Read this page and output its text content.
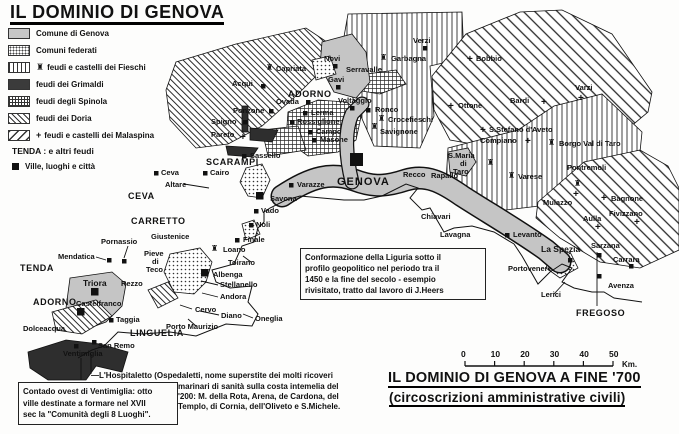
♜
♜
+
♜
♜
+
+	+	+
+
+ ♜
♜
♜
♜
+ +
+	+
♜
ADORNO
SCARAMPI
CEVA
CARRETTO
TENDA
ADORNO
LINGUELIA
FREGOSO
GENOVA
Novi
Capriata	Serravalle
Gavi
Garbagna
Verzi
Acqui
Ovada	Voltaggio
Ponzone
Spigno
Pareto
Lerma
Rossiglione
Campo
Masone
Ronco
Crocefieschi
Savignone
Sassello
Bobbio
Ottone
Bardi
Varzi
S.Stefano d'Aveto
Compiano	Borgo Val di Taro
S.Maria
di
Taro
Varese
Pontremoli
Mulazzo	Bagnone
Aulla
Fivizzano
Recco Rapallo
Chiavari
Lavagna	Levanto
La Spezia
Portovenere
Lerici
Sarzana
Carrara
Avenza
Varazze
Savona
Vado
Noli
Finale
Loano
Toirano
Giustenice
Ceva	Cairo
Altare
Pornassio
Mendatica	Pieve
di
Teco
Albenga
Stellanello
Andora
Cervo
Diano Oneglia
Porto Maurizio
Taggia
Rezzo
Triora
Castelfranco
Dolceacqua
San Remo
Ventimiglia	0	10 20 30 40 50
Km.
IL DOMINIO DI GENOVA
Comune di Genova
Comuni federati
♜ feudi e castelli dei Fieschi
feudi dei Grimaldi
feudi degli Spinola
feudi dei Doria
+ feudi e castelli dei Malaspina
TENDA : e altri feudi
Ville, luoghi e città
Conformazione della Liguria sotto il
profilo geopolitico nel periodo tra il
1450 e la fine del secolo - esempio
rivisitato, tratto dal lavoro di J.Heers
Contado ovest di Ventimiglia: otto
ville destinate a formare nel XVII
sec la "Comunità degli 8 Luoghi".
— L'Hospitaletto (Ospedaletti, nome superstite dei molti ricoveri
marinari di sanità sulla costa intemelia del
'200: M. della Rota, Arena, de Cardona, del
Templo, di Cornia, dell'Oliveto e S.Michele.
IL DOMINIO DI GENOVA A FINE '700
(circoscrizioni amministrative civili)
